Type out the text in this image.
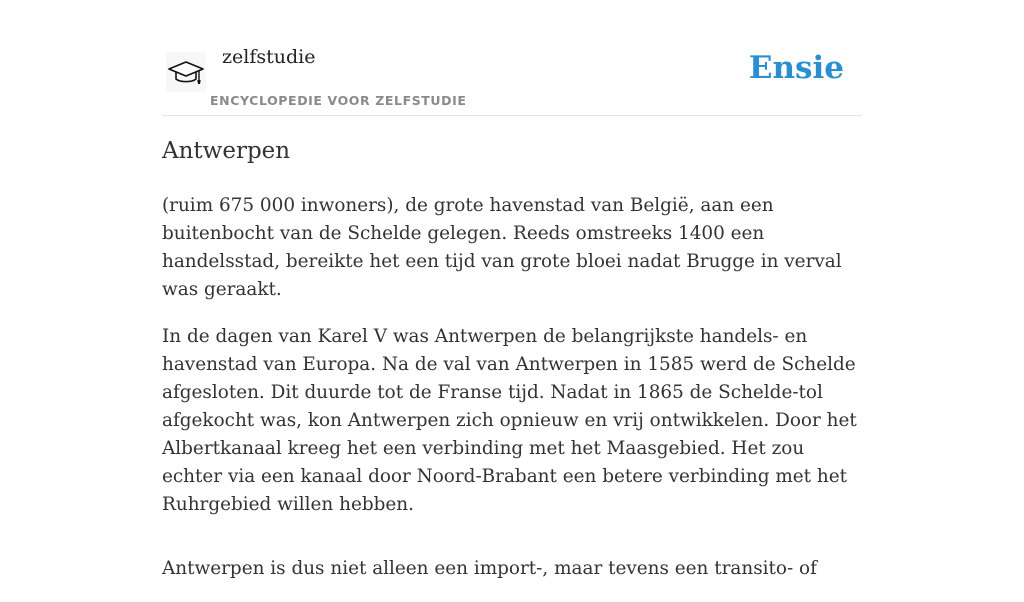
zelfstudie
ENCYCLOPEDIE VOOR ZELFSTUDIE
Ensie
Antwerpen

(ruim 675 000 inwoners), de grote havenstad van België, aan een buitenbocht van de Schelde gelegen. Reeds omstreeks 1400 een handelsstad, bereikte het een tijd van grote bloei nadat Brugge in verval was geraakt.

In de dagen van Karel V was Antwerpen de belangrijkste handels- en havenstad van Europa. Na de val van Antwerpen in 1585 werd de Schelde afgesloten. Dit duurde tot de Franse tijd. Nadat in 1865 de Schelde-tol afgekocht was, kon Antwerpen zich opnieuw en vrij ontwikkelen. Door het Albertkanaal kreeg het een verbinding met het Maasgebied. Het zou echter via een kanaal door Noord-Brabant een betere verbinding met het Ruhrgebied willen hebben.

Antwerpen is dus niet alleen een import-, maar tevens een transito- of
